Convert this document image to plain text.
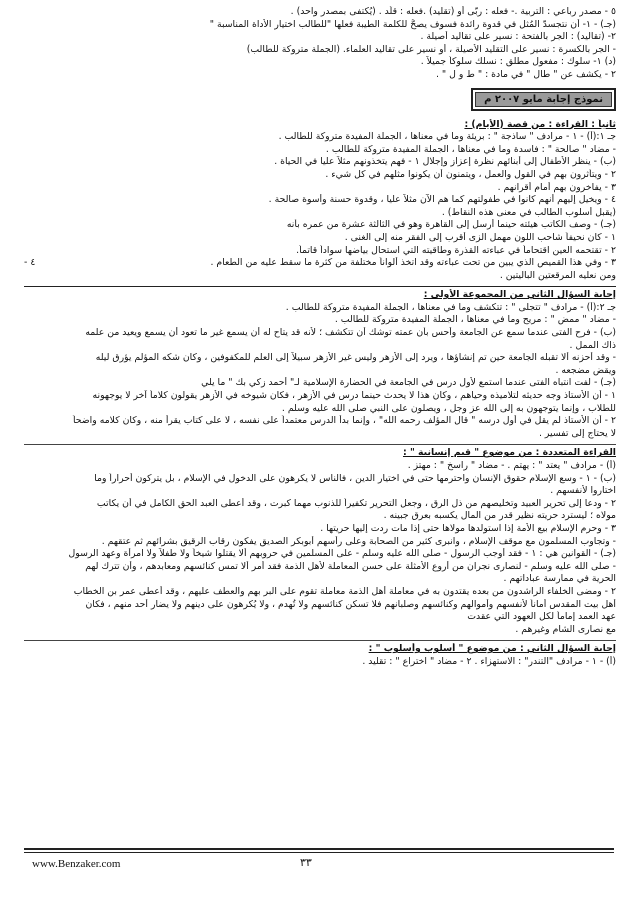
٥ - مصدر رباعي : التربية .- فعله : ربّى أو (تقليد) .فعله : قلّد . (يُكتفى بمصدر واحد) .
(جـ) - ١- أن نتجسدّ المُثل في قدوة رائدة فسوف يصحُّ للكلمة الطيبة فعلها "للطالب اختيار الأداة المناسبة "
٢- (تقاليد) : الجر بالفتحة : نسير على تقاليد أصيلة .
- الجر بالكسرة : نسير على التقليد الأصيلة ، أو نسير على تقاليد العلماء. (الجملة متروكة للطالب)
(د) ١- سلوك : مفعول مطلق : نسلك سلوكاً جميلاً .
٢ - يكشف عن " طال " في مادة : " ط و ل " .
نموذج إجابة مايو ٢٠٠٧ م
ثانياً : القراءة : من قصة (الأيام) :
جـ ١:(أ) - ١ - مرادف " ساذجة " : بريئة وما في معناها ، الجملة المفيدة متروكة للطالب .
- مضاد " صالحة " : فاسدة وما في معناها ، الجملة المفيدة متروكة للطالب .
(ب) - ينظر الأطفال إلى أبنائهم نظرة إعزاز وإجلال ١ - فهم يتخذونهم مثلاً عليا في الحياة .
٢ - ويتأثرون بهم في القول والعمل ، ويتمنون أن يكونوا مثلهم في كل شيء .
٣ - يفاخرون بهم أمام أقرانهم .
٤ - ويخيل إليهم أنهم كانوا في طفولتهم كما هم الآن مثلاً عليا ، وقدوة حسنة وأسوة صالحة .
(يقبل أسلوب الطالب في معنى هذه النقاط) .
(جـ) - وصف الكاتب هيئته حينما أرسل إلى القاهرة وهو في الثالثة عشرة من عمره بأنه
١ - كان نحيفاً شاحب اللون مهمل الزى أقرب إلى الفقر منه إلى الغنى .
٢ - تقتحمه العين اقتحاماً في عباءته القذرة وطاقيته التي استحال بياضها سواداً قاتماً.
٣ - وفي هذا القميص الذي يبين من تحت عباءته وقد اتخذ ألواناً مختلفة من كثرة ما سقط عليه من الطعام .
٤ -
ومن نعليه المرقعتين الباليتين .
إجابة السؤال الثاني من المجموعة الأولى :
جـ ٢:(أ) - مرادف " تتجلى " : تتكشف وما في معناها ، الجملة المفيدة متروكة للطالب .
- مضاد " ممض " : مريح وما في معناها ، الجملة المفيدة متروكة للطالب .
(ب) - فرح الفتى عندما سمع عن الجامعة وأحس بأن عمته توشك أن تتكشف ؛ لأنه قد يتاح له أن يسمع غير ما تعود أن يسمع ويعيد من علمه
ذاك الممل .
- وقد أحزنه ألا تقبله الجامعة حين تم إنشاؤها ، ويرد إلى الأزهر وليس غير الأزهر سبيلاً إلى العلم للمكفوفين ، وكان شكه المؤلم يؤرق ليله
ويقض مضجعه .
(جـ) - لفت انتباه الفتى عندما استمع لأول درس في الجامعة في الحضارة الإسلامية لـ" أحمد زكي بك " ما يلي
١ - أن الأستاذ وجه حديثه لتلاميذه وحياهم ، وكان هذا لا يحدث حينما درس في الأزهر ، فكان شيوخه في الأزهر يقولون كلاماً آخر لا يوجهونه
للطلاب ، وإنما يتوجهون به إلى الله عز وجل ، ويصلون على النبي صلى الله عليه وسلم .
٢ - أن الأستاذ لم يقل في أول درسه " قال المؤلف رحمه الله" ، وإنما بدأ الدرس معتمداً على نفسه ، لا على كتاب يقرأ منه ، وكان كلامه واضحاً
لا يحتاج إلى تفسير .
القراءة المتعددة : من موضوع " قيم إنسانية " :
(أ) - مرادف " يعتد " : يهتم . - مضاد " راسخ " : مهتز .
(ب) - ١ - وسع الإسلام حقوق الإنسان واحترمها حتى في اختيار الدين ، فالناس لا يكرهون على الدخول في الإسلام ، بل يتركون أحراراً وما
اختاروا لأنفسهم .
٢ - ودعا إلى تحرير العبيد وتخليصهم من ذل الرق ، وجعل التحرير تكفيراً للذنوب مهما كبرت ، وقد أعطى العبد الحق الكامل في أن يكاتب
مولاه ؛ ليسترد حريته نظير قدر من المال يكسبه بعرق جبينه .
٣ - وحرم الإسلام بيع الأمة إذا استولدها مولاها حتى إذا مات ردت إليها حريتها .
- وتجاوب المسلمون مع موقف الإسلام ، وانبرى كثير من الصحابة وعلى رأسهم أبوبكر الصديق يفكون رقاب الرقيق بشرائهم ثم عتقهم .
(جـ) - القوانين هي : ١ - فقد أوجب الرسول - صلى الله عليه وسلم - على المسلمين في حروبهم ألا يقتلوا شيخاً ولا طفلاً ولا امرأة وعهد الرسول
- صلى الله عليه وسلم - لنصارى نجران من أروع الأمثلة على حسن المعاملة لأهل الذمة فقد أمر ألا تمس كنائسهم ومعابدهم ، وأن تترك لهم
الحرية في ممارسة عباداتهم .
٢ - ومضى الخلفاء الراشدون من بعده يقتدون به في معاملة أهل الذمة معاملة تقوم على البر بهم والعطف عليهم ، وقد أعطى عمر بن الخطاب
أهل بيت المقدس أماناً لأنفسهم وأموالهم وكنائسهم وصلبانهم فلا تسكن كنائسهم ولا تُهدم ، ولا يُكرهون على دينهم ولا يضار أحد منهم ، فكان
عهد العمد إماماً لكل العهود التي عقدت
مع نصارى الشام وغيرهم .
إجابة السؤال الثاني : من موضوع " أسلوب وأسلوب " :
(أ) - ١ - مرادف "التندر" : الاستهزاء . ٢ - مضاد " اختراع " : تقليد .
www.Benzaker.com	٣٣
